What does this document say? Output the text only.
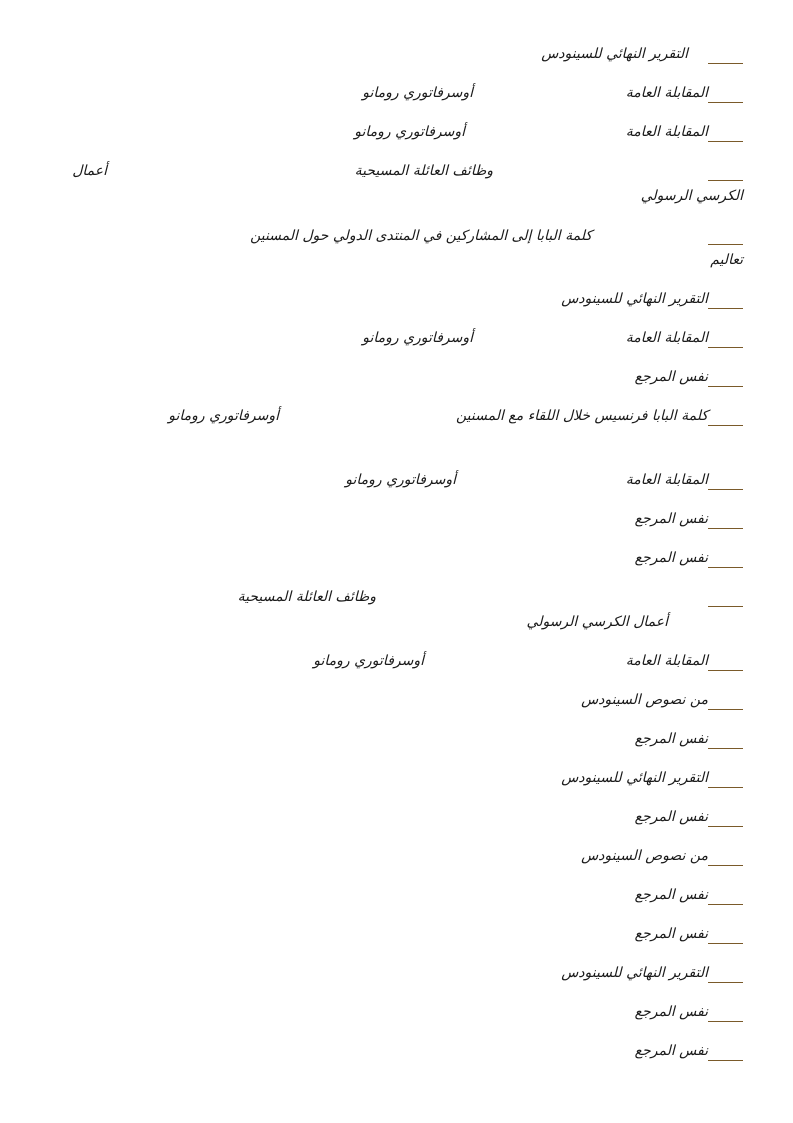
التقرير النهائي للسينودس
المقابلة العامة
أوسرفاتوري رومانو
المقابلة العامة
أوسرفاتوري رومانو
وظائف العائلة المسيحية
أعمال
الكرسي الرسولي
كلمة البابا إلى المشاركين في المنتدى الدولي حول المسنين
تعاليم
التقرير النهائي للسينودس
المقابلة العامة
أوسرفاتوري رومانو
نفس المرجع
كلمة البابا فرنسيس خلال اللقاء مع المسنين
أوسرفاتوري رومانو
المقابلة العامة
أوسرفاتوري رومانو
نفس المرجع
نفس المرجع
وظائف العائلة المسيحية
أعمال الكرسي الرسولي
المقابلة العامة
أوسرفاتوري رومانو
من نصوص السينودس
نفس المرجع
التقرير النهائي للسينودس
نفس المرجع
من نصوص السينودس
نفس المرجع
نفس المرجع
التقرير النهائي للسينودس
نفس المرجع
نفس المرجع
